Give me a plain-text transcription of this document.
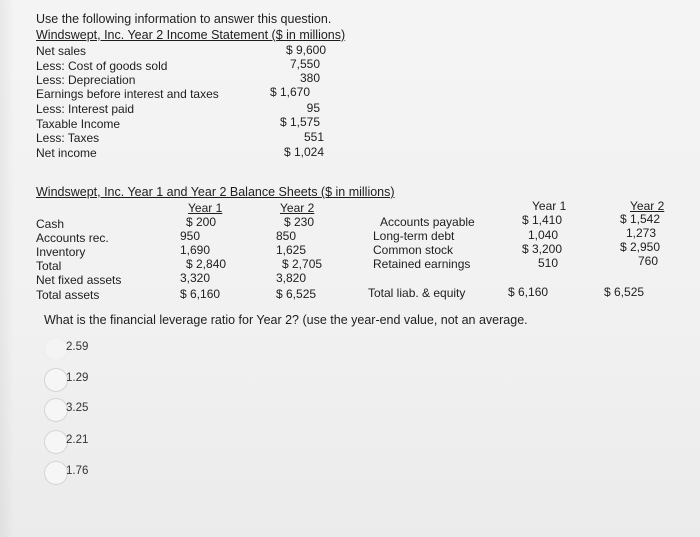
Use the following information to answer this question.
Windswept, Inc. Year 2 Income Statement ($ in millions)
Net sales	$ 9,600
Less: Cost of goods sold	7,550
Less: Depreciation	380
Earnings before interest and taxes	$ 1,670
Less: Interest paid	95
Taxable Income	$ 1,575
Less: Taxes	551
Net income	$ 1,024
Windswept, Inc. Year 1 and Year 2 Balance Sheets ($ in millions)
Year 1	Year 2	Year 1	Year 2
Cash	$ 200	$ 230
Accounts rec.	950	850
Inventory	1,690	1,625
Total	$ 2,840	$ 2,705
Net fixed assets	3,320	3,820
Total assets	$ 6,160	$ 6,525
Accounts payable	$ 1,410	$ 1,542
Long-term debt	1,040	1,273
Common stock	$ 3,200	$ 2,950
Retained earnings	510	760
Total liab. & equity	$ 6,160	$ 6,525
What is the financial leverage ratio for Year 2? (use the year-end value, not an average.
2.59
1.29
3.25
2.21
1.76
